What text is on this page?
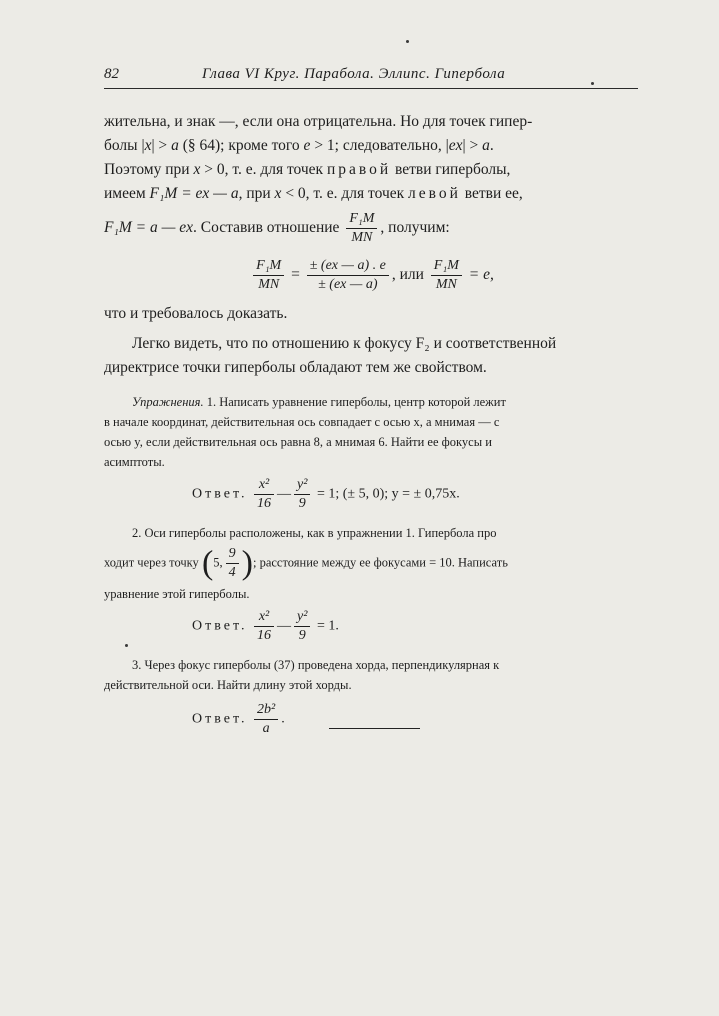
82	Глава VI Круг. Парабола. Эллипс. Гипербола
жительна, и знак —, если она отрицательна. Но для точек гипер-
болы |x| > a (§ 64); кроме того e > 1; следовательно, |ex| > a.
Поэтому при x > 0, т. е. для точек правой ветви гиперболы,
имеем F₁M = ex — a, при x < 0, т. е. для точек левой ветви ее,
F₁M = a — ex. Составив отношение $\frac{\text{F₁M}}{MN}$ , получим:
$\frac{\text{F₁M}}{MN} = \frac{\pm (ex — a) . e}{\pm (ex — a)}$ , или $\frac{\text{F₁M}}{MN} = e$,
что и требовалось доказать.
Легко видеть, что по отношению к фокусу F₂ и соответственной
директрисе точки гиперболы обладают тем же свойством.
Упражнения. 1. Написать уравнение гиперболы, центр которой лежит
в начале координат, действительная ось совпадает с осью x, а мнимая — с
осью y, если действительная ось равна 8, а мнимая 6. Найти ее фокусы и
асимптоты.
Ответ. $\frac{\text{x²}}{16}$ — $\frac{\text{y²}}{9} = 1$; (± 5, 0); y = ± 0,75x.
2. Оси гиперболы расположены, как в упражнении 1. Гипербола про
ходит через точку (5, $\frac{9}{4}$ ); расстояние между ее фокусами = 10. Написать
уравнение этой гиперболы.
Ответ. $\frac{\text{x²}}{16}$ — $\frac{\text{y²}}{9} = 1$.
3. Через фокус гиперболы (37) проведена хорда, перпендикулярная к
действительной оси. Найти длину этой хорды.
Ответ. $\frac{\text{2b²}}{a}$ .
